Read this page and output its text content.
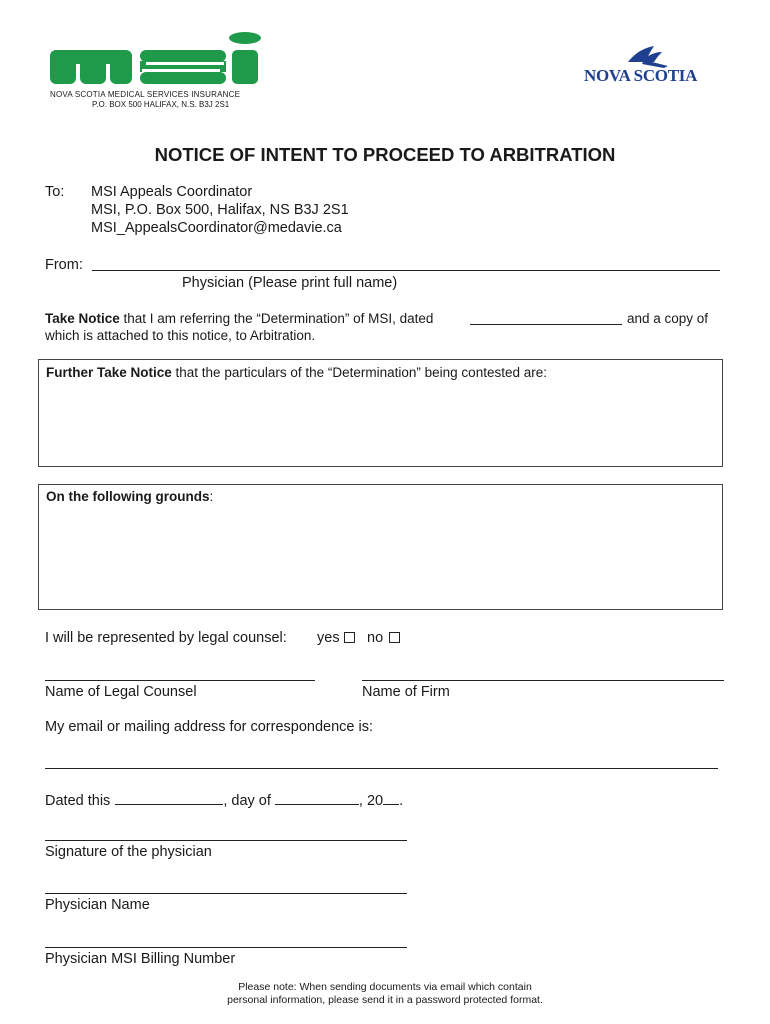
NOVA SCOTIA MEDICAL SERVICES INSURANCE
P.O. BOX 500 HALIFAX, N.S. B3J 2S1
NOVA SCOTIA
NOTICE OF INTENT TO PROCEED TO ARBITRATION
To: MSI Appeals Coordinator
MSI, P.O. Box 500, Halifax, NS B3J 2S1
MSI_AppealsCoordinator@medavie.ca
From:
Physician (Please print full name)
Take Notice that I am referring the “Determination” of MSI, dated	and a copy of
which is attached to this notice, to Arbitration.
Further Take Notice that the particulars of the “Determination” being contested are:
On the following grounds:
I will be represented by legal counsel: yes	no
Name of Legal Counsel	Name of Firm
My email or mailing address for correspondence is:
Dated this	, day of	, 20 .
Signature of the physician
Physician Name
Physician MSI Billing Number
Please note: When sending documents via email which contain
personal information, please send it in a password protected format.
